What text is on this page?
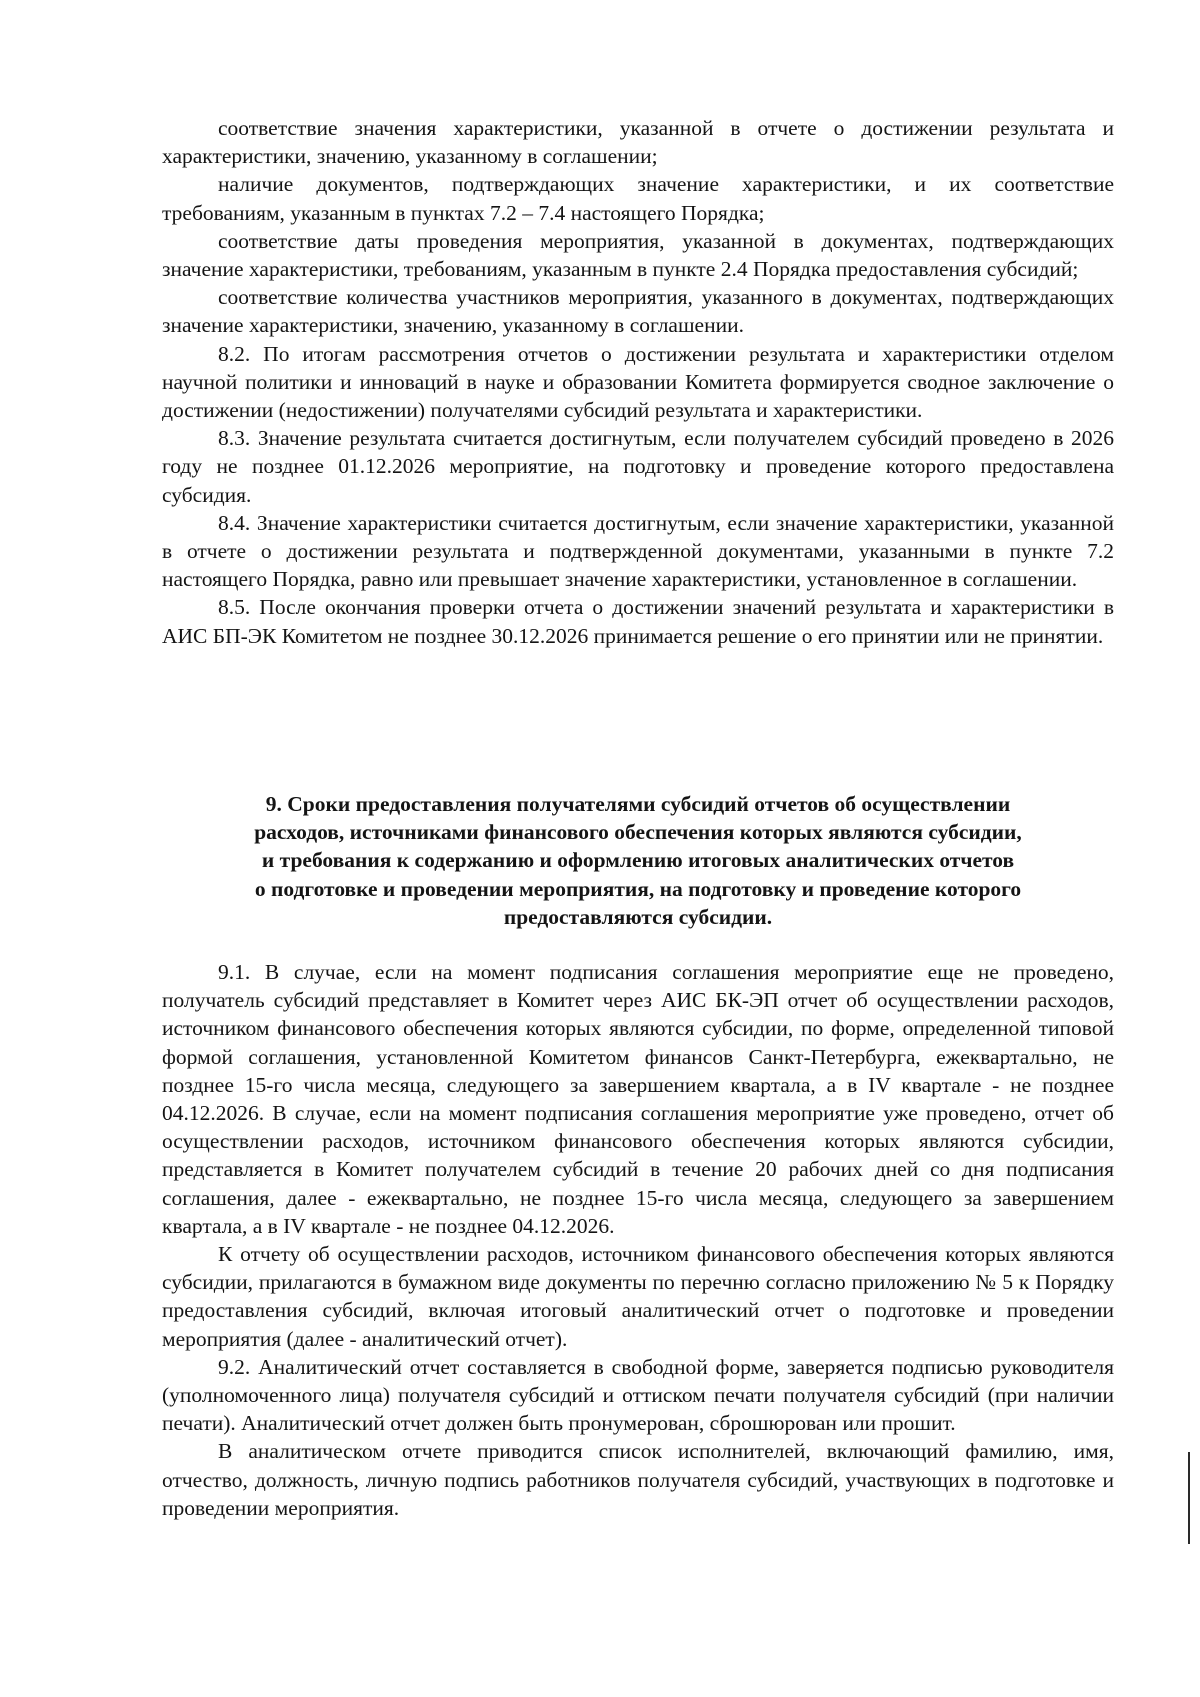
соответствие значения характеристики, указанной в отчете о достижении результата и характеристики, значению, указанному в соглашении;

наличие документов, подтверждающих значение характеристики, и их соответствие требованиям, указанным в пунктах 7.2 – 7.4 настоящего Порядка;

соответствие даты проведения мероприятия, указанной в документах, подтверждающих значение характеристики, требованиям, указанным в пункте 2.4 Порядка предоставления субсидий;

соответствие количества участников мероприятия, указанного в документах, подтверждающих значение характеристики, значению, указанному в соглашении.

8.2. По итогам рассмотрения отчетов о достижении результата и характеристики отделом научной политики и инноваций в науке и образовании Комитета формируется сводное заключение о достижении (недостижении) получателями субсидий результата и характеристики.

8.3. Значение результата считается достигнутым, если получателем субсидий проведено в 2026 году не позднее 01.12.2026 мероприятие, на подготовку и проведение которого предоставлена субсидия.

8.4. Значение характеристики считается достигнутым, если значение характеристики, указанной в отчете о достижении результата и подтвержденной документами, указанными в пункте 7.2 настоящего Порядка, равно или превышает значение характеристики, установленное в соглашении.

8.5. После окончания проверки отчета о достижении значений результата и характеристики в АИС БП-ЭК Комитетом не позднее 30.12.2026 принимается решение о его принятии или не принятии.

9. Сроки предоставления получателями субсидий отчетов об осуществлении
расходов, источниками финансового обеспечения которых являются субсидии,
и требования к содержанию и оформлению итоговых аналитических отчетов
о подготовке и проведении мероприятия, на подготовку и проведение которого
предоставляются субсидии.

9.1. В случае, если на момент подписания соглашения мероприятие еще не проведено, получатель субсидий представляет в Комитет через АИС БК-ЭП отчет об осуществлении расходов, источником финансового обеспечения которых являются субсидии, по форме, определенной типовой формой соглашения, установленной Комитетом финансов Санкт-Петербурга, ежеквартально, не позднее 15-го числа месяца, следующего за завершением квартала, а в IV квартале - не позднее 04.12.2026. В случае, если на момент подписания соглашения мероприятие уже проведено, отчет об осуществлении расходов, источником финансового обеспечения которых являются субсидии, представляется в Комитет получателем субсидий в течение 20 рабочих дней со дня подписания соглашения, далее - ежеквартально, не позднее 15-го числа месяца, следующего за завершением квартала, а в IV квартале - не позднее 04.12.2026.

К отчету об осуществлении расходов, источником финансового обеспечения которых являются субсидии, прилагаются в бумажном виде документы по перечню согласно приложению № 5 к Порядку предоставления субсидий, включая итоговый аналитический отчет о подготовке и проведении мероприятия (далее - аналитический отчет).

9.2. Аналитический отчет составляется в свободной форме, заверяется подписью руководителя (уполномоченного лица) получателя субсидий и оттиском печати получателя субсидий (при наличии печати). Аналитический отчет должен быть пронумерован, сброшюрован или прошит.

В аналитическом отчете приводится список исполнителей, включающий фамилию, имя, отчество, должность, личную подпись работников получателя субсидий, участвующих в подготовке и проведении мероприятия.
